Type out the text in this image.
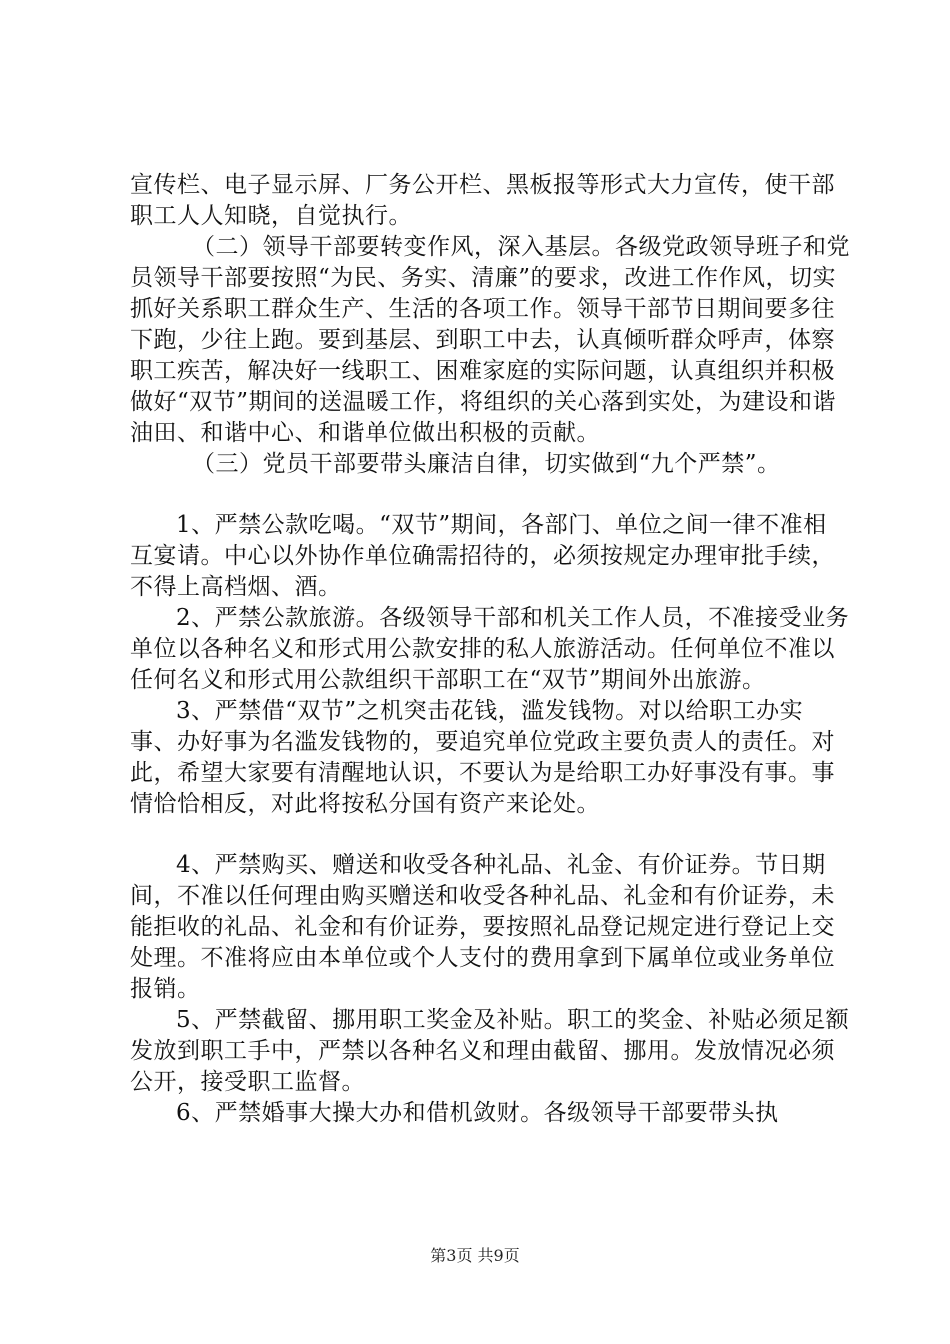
宣传栏、电子显示屏、厂务公开栏、黑板报等形式大力宣传，使干部职工人人知晓，自觉执行。

（二）领导干部要转变作风，深入基层。各级党政领导班子和党员领导干部要按照“为民、务实、清廉”的要求，改进工作作风，切实抓好关系职工群众生产、生活的各项工作。领导干部节日期间要多往下跑，少往上跑。要到基层、到职工中去，认真倾听群众呼声，体察职工疾苦，解决好一线职工、困难家庭的实际问题，认真组织并积极做好“双节”期间的送温暖工作，将组织的关心落到实处，为建设和谐油田、和谐中心、和谐单位做出积极的贡献。

（三）党员干部要带头廉洁自律，切实做到“九个严禁”。

1、严禁公款吃喝。“双节”期间，各部门、单位之间一律不准相互宴请。中心以外协作单位确需招待的，必须按规定办理审批手续，不得上高档烟、酒。

2、严禁公款旅游。各级领导干部和机关工作人员，不准接受业务单位以各种名义和形式用公款安排的私人旅游活动。任何单位不准以任何名义和形式用公款组织干部职工在“双节”期间外出旅游。

3、严禁借“双节”之机突击花钱，滥发钱物。对以给职工办实事、办好事为名滥发钱物的，要追究单位党政主要负责人的责任。对此，希望大家要有清醒地认识，不要认为是给职工办好事没有事。事情恰恰相反，对此将按私分国有资产来论处。

4、严禁购买、赠送和收受各种礼品、礼金、有价证券。节日期间，不准以任何理由购买赠送和收受各种礼品、礼金和有价证券，未能拒收的礼品、礼金和有价证券，要按照礼品登记规定进行登记上交处理。不准将应由本单位或个人支付的费用拿到下属单位或业务单位报销。

5、严禁截留、挪用职工奖金及补贴。职工的奖金、补贴必须足额发放到职工手中，严禁以各种名义和理由截留、挪用。发放情况必须公开，接受职工监督。

6、严禁婚事大操大办和借机敛财。各级领导干部要带头执

第3页 共9页
